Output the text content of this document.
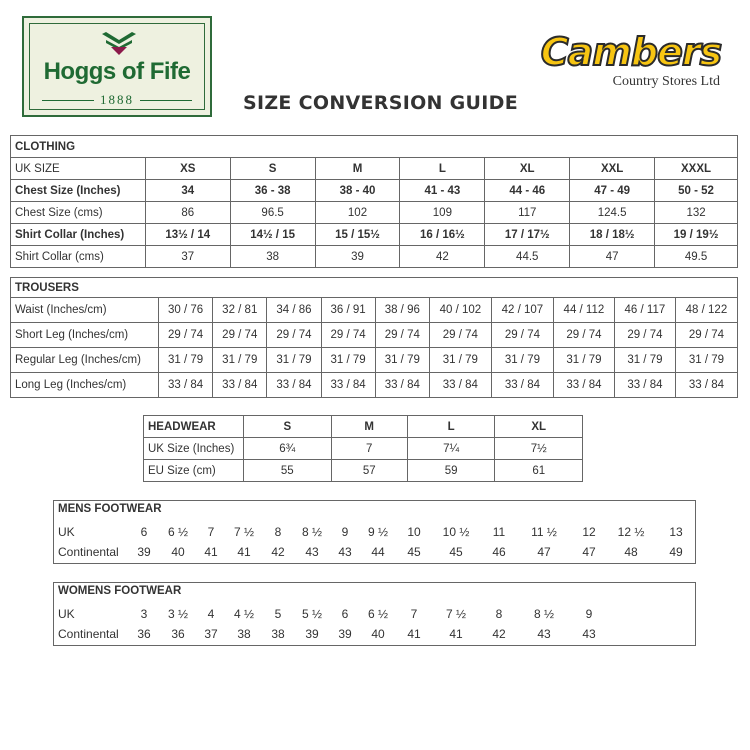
Hoggs of Fife
1888
Cambers
Country Stores Ltd
SIZE CONVERSION GUIDE
CLOTHING							
UK SIZE	XS	S	M	L	XL	XXL	XXXL
Chest Size (Inches)	34	36 - 38	38 - 40	41 - 43	44 - 46	47 - 49	50 - 52
Chest Size (cms)	86	96.5	102	109	117	124.5	132
Shirt Collar (Inches)	13½ / 14	14½ / 15	15 / 15½	16 / 16½	17 / 17½	18 / 18½	19 / 19½
Shirt Collar (cms)	37	38	39	42	44.5	47	49.5
TROUSERS										
Waist (Inches/cm)	30 / 76	32 / 81	34 / 86	36 / 91	38 / 96	40 / 102	42 / 107	44 / 112	46 / 117	48 / 122
Short Leg (Inches/cm)	29 / 74	29 / 74	29 / 74	29 / 74	29 / 74	29 / 74	29 / 74	29 / 74	29 / 74	29 / 74
Regular Leg (Inches/cm)	31 / 79	31 / 79	31 / 79	31 / 79	31 / 79	31 / 79	31 / 79	31 / 79	31 / 79	31 / 79
Long Leg (Inches/cm)	33 / 84	33 / 84	33 / 84	33 / 84	33 / 84	33 / 84	33 / 84	33 / 84	33 / 84	33 / 84
HEADWEAR	S	M	L	XL
UK Size (Inches)	6¾	7	7¼	7½
EU Size (cm)	55	57	59	61
MENS FOOTWEAR
UK	6	6 ½	7	7 ½	8	8 ½	9	9 ½	10	10 ½	11	11 ½	12	12 ½	13
Continental	39	40	41	41	42	43	43	44	45	45	46	47	47	48	49
WOMENS FOOTWEAR
UK	3	3 ½	4	4 ½	5	5 ½	6	6 ½	7	7 ½	8	8 ½	9
Continental	36	36	37	38	38	39	39	40	41	41	42	43	43
